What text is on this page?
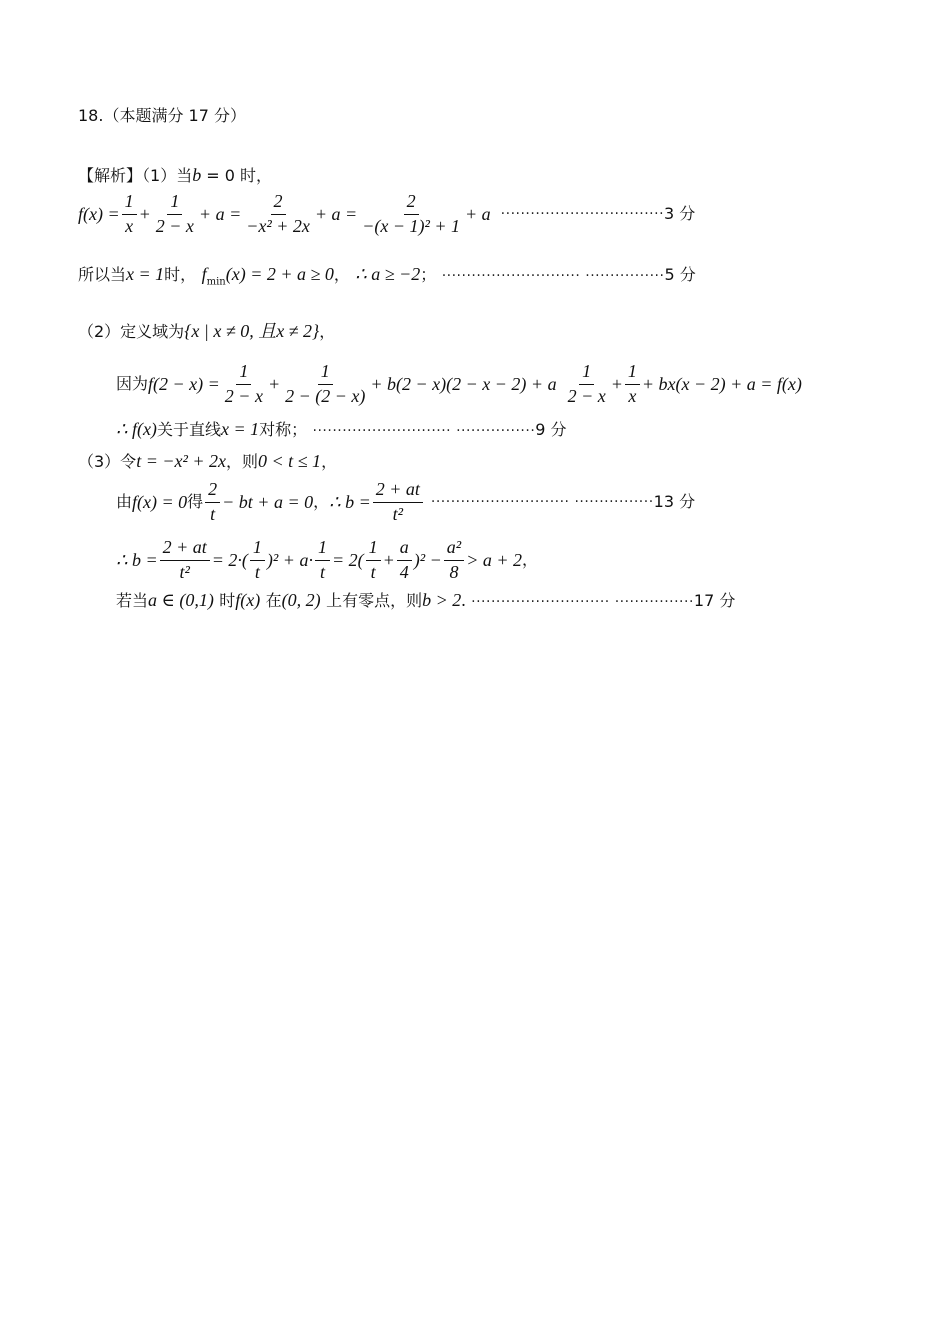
18.（本题满分 17 分）
【解析】（1）当b = 0 时，
$f(x) = \frac{1}{x} + \frac{1}{2 - x} + a = \frac{2}{\text{−x² + 2x}} + a = \frac{2}{\text{−(x − 1)² + 1}} + a$ ································· 3 分
所以当x = 1时， $f_{min}(x) = 2 + a \ge 0$， ∴ a ≥ −2； ···························· ················5 分
（2）定义域为{x | x ≠ 0, 且x ≠ 2}，
因为 $f(2 - x) = \frac{1}{2 - x} + \frac{1}{2 - (2 - x)} + b(2 - x)(2 - x - 2) + a \frac{1}{2 - x} + \frac{1}{x} + bx(x - 2) + a = f(x)$
∴ f(x)关于直线x = 1对称； ···························· ················9 分
（3）令t = −x² + 2x，则0 < t ≤ 1，
由 f(x) = 0 得 $\frac{2}{t}$ − bt + a = 0 ， ∴ $b = \frac{2 + at}{\text{t²}}$ ···························· ················ 13 分
∴ $b = \frac{2 + at}{\text{t²}} = 2\cdot( \frac{1}{t} )^2 + a\cdot \frac{1}{t} = 2( \frac{1}{t} + \frac{a}{4} )^2 - \frac{\text{a²}}{8} > a + 2$ ，
若当a ∈ (0,1) 时f(x) 在(0, 2) 上有零点，则b > 2. ···························· ················17 分
